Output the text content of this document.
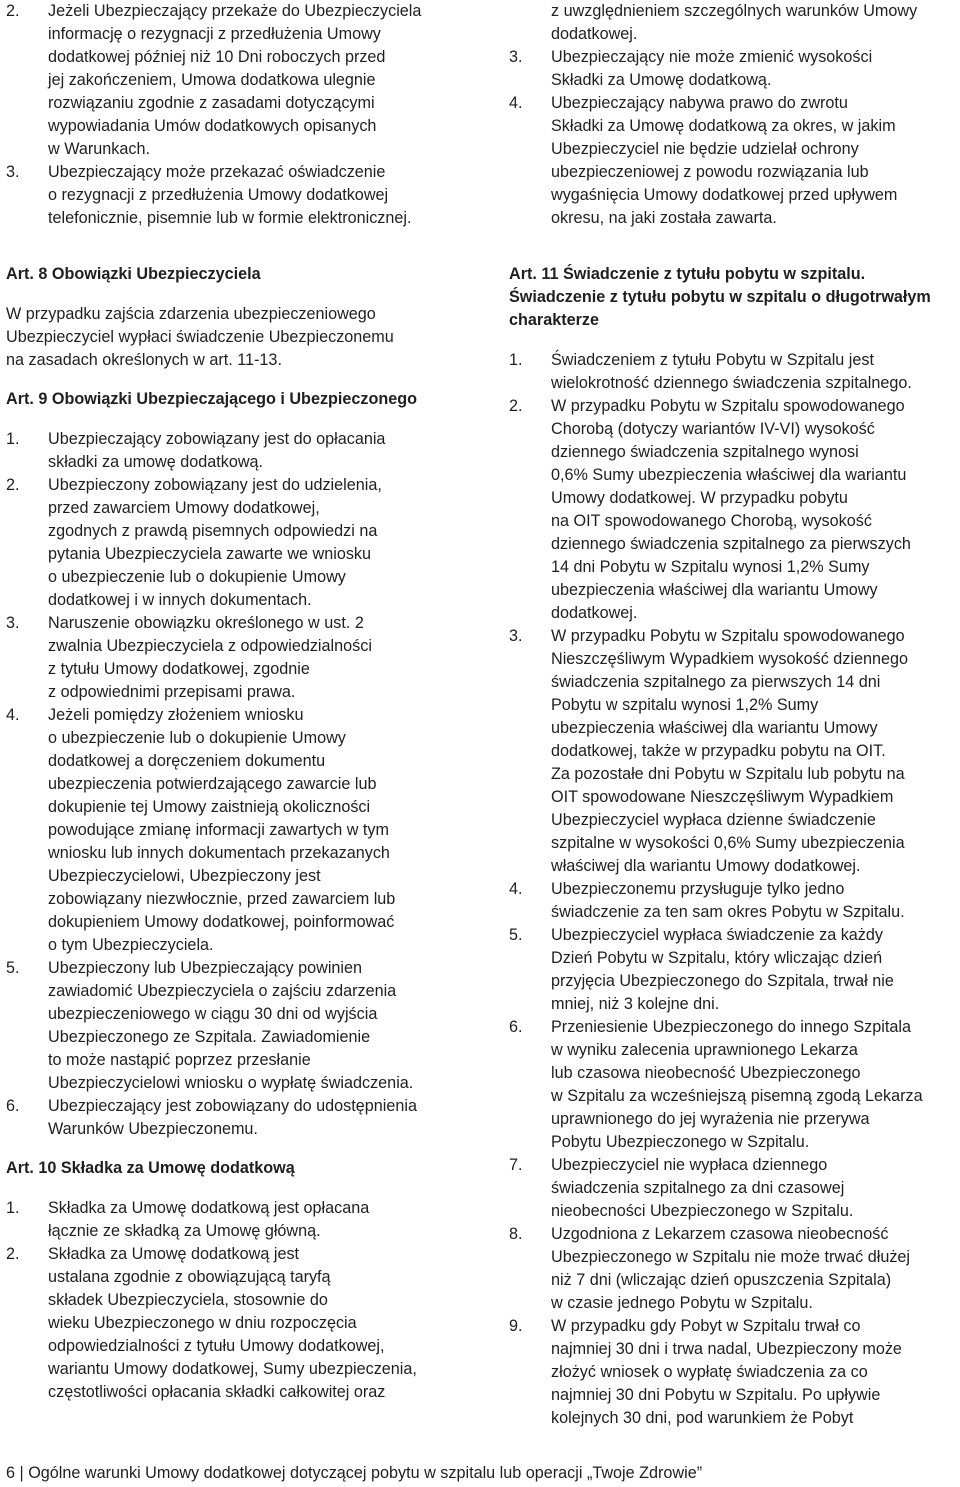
2.	Jeżeli Ubezpieczający przekaże do Ubezpieczyciela
informację o rezygnacji z przedłużenia Umowy
dodatkowej później niż 10 Dni roboczych przed
jej zakończeniem, Umowa dodatkowa ulegnie
rozwiązaniu zgodnie z zasadami dotyczącymi
wypowiadania Umów dodatkowych opisanych
w Warunkach.
3.	Ubezpieczający może przekazać oświadczenie
o rezygnacji z przedłużenia Umowy dodatkowej
telefonicznie, pisemnie lub w formie elektronicznej.
Art. 8 Obowiązki Ubezpieczyciela
W przypadku zajścia zdarzenia ubezpieczeniowego
Ubezpieczyciel wypłaci świadczenie Ubezpieczonemu
na zasadach określonych w art. 11-13.
Art. 9 Obowiązki Ubezpieczającego i Ubezpieczonego
1.	Ubezpieczający zobowiązany jest do opłacania
składki za umowę dodatkową.
2.	Ubezpieczony zobowiązany jest do udzielenia,
przed zawarciem Umowy dodatkowej,
zgodnych z prawdą pisemnych odpowiedzi na
pytania Ubezpieczyciela zawarte we wniosku
o ubezpieczenie lub o dokupienie Umowy
dodatkowej i w innych dokumentach.
3.	Naruszenie obowiązku określonego w ust. 2
zwalnia Ubezpieczyciela z odpowiedzialności
z tytułu Umowy dodatkowej, zgodnie
z odpowiednimi przepisami prawa.
4.	Jeżeli pomiędzy złożeniem wniosku
o ubezpieczenie lub o dokupienie Umowy
dodatkowej a doręczeniem dokumentu
ubezpieczenia potwierdzającego zawarcie lub
dokupienie tej Umowy zaistnieją okoliczności
powodujące zmianę informacji zawartych w tym
wniosku lub innych dokumentach przekazanych
Ubezpieczycielowi, Ubezpieczony jest
zobowiązany niezwłocznie, przed zawarciem lub
dokupieniem Umowy dodatkowej, poinformować
o tym Ubezpieczyciela.
5.	Ubezpieczony lub Ubezpieczający powinien
zawiadomić Ubezpieczyciela o zajściu zdarzenia
ubezpieczeniowego w ciągu 30 dni od wyjścia
Ubezpieczonego ze Szpitala. Zawiadomienie
to może nastąpić poprzez przesłanie
Ubezpieczycielowi wniosku o wypłatę świadczenia.
6.	Ubezpieczający jest zobowiązany do udostępnienia
Warunków Ubezpieczonemu.
Art. 10 Składka za Umowę dodatkową
1.	Składka za Umowę dodatkową jest opłacana
łącznie ze składką za Umowę główną.
2.	Składka za Umowę dodatkową jest
ustalana zgodnie z obowiązującą taryfą
składek Ubezpieczyciela, stosownie do
wieku Ubezpieczonego w dniu rozpoczęcia
odpowiedzialności z tytułu Umowy dodatkowej,
wariantu Umowy dodatkowej, Sumy ubezpieczenia,
częstotliwości opłacania składki całkowitej oraz
z uwzględnieniem szczególnych warunków Umowy
dodatkowej.
3.	Ubezpieczający nie może zmienić wysokości
Składki za Umowę dodatkową.
4.	Ubezpieczający nabywa prawo do zwrotu
Składki za Umowę dodatkową za okres, w jakim
Ubezpieczyciel nie będzie udzielał ochrony
ubezpieczeniowej z powodu rozwiązania lub
wygaśnięcia Umowy dodatkowej przed upływem
okresu, na jaki została zawarta.
Art. 11 Świadczenie z tytułu pobytu w szpitalu.
Świadczenie z tytułu pobytu w szpitalu o długotrwałym
charakterze
1.	Świadczeniem z tytułu Pobytu w Szpitalu jest
wielokrotność dziennego świadczenia szpitalnego.
2.	W przypadku Pobytu w Szpitalu spowodowanego
Chorobą (dotyczy wariantów IV-VI) wysokość
dziennego świadczenia szpitalnego wynosi
0,6% Sumy ubezpieczenia właściwej dla wariantu
Umowy dodatkowej. W przypadku pobytu
na OIT spowodowanego Chorobą, wysokość
dziennego świadczenia szpitalnego za pierwszych
14 dni Pobytu w Szpitalu wynosi 1,2% Sumy
ubezpieczenia właściwej dla wariantu Umowy
dodatkowej.
3.	W przypadku Pobytu w Szpitalu spowodowanego
Nieszczęśliwym Wypadkiem wysokość dziennego
świadczenia szpitalnego za pierwszych 14 dni
Pobytu w szpitalu wynosi 1,2% Sumy
ubezpieczenia właściwej dla wariantu Umowy
dodatkowej, także w przypadku pobytu na OIT.
Za pozostałe dni Pobytu w Szpitalu lub pobytu na
OIT spowodowane Nieszczęśliwym Wypadkiem
Ubezpieczyciel wypłaca dzienne świadczenie
szpitalne w wysokości 0,6% Sumy ubezpieczenia
właściwej dla wariantu Umowy dodatkowej.
4.	Ubezpieczonemu przysługuje tylko jedno
świadczenie za ten sam okres Pobytu w Szpitalu.
5.	Ubezpieczyciel wypłaca świadczenie za każdy
Dzień Pobytu w Szpitalu, który wliczając dzień
przyjęcia Ubezpieczonego do Szpitala, trwał nie
mniej, niż 3 kolejne dni.
6.	Przeniesienie Ubezpieczonego do innego Szpitala
w wyniku zalecenia uprawnionego Lekarza
lub czasowa nieobecność Ubezpieczonego
w Szpitalu za wcześniejszą pisemną zgodą Lekarza
uprawnionego do jej wyrażenia nie przerywa
Pobytu Ubezpieczonego w Szpitalu.
7.	Ubezpieczyciel nie wypłaca dziennego
świadczenia szpitalnego za dni czasowej
nieobecności Ubezpieczonego w Szpitalu.
8.	Uzgodniona z Lekarzem czasowa nieobecność
Ubezpieczonego w Szpitalu nie może trwać dłużej
niż 7 dni (wliczając dzień opuszczenia Szpitala)
w czasie jednego Pobytu w Szpitalu.
9.	W przypadku gdy Pobyt w Szpitalu trwał co
najmniej 30 dni i trwa nadal, Ubezpieczony może
złożyć wniosek o wypłatę świadczenia za co
najmniej 30 dni Pobytu w Szpitalu. Po upływie
kolejnych 30 dni, pod warunkiem że Pobyt
6 | Ogólne warunki Umowy dodatkowej dotyczącej pobytu w szpitalu lub operacji „Twoje Zdrowie”
